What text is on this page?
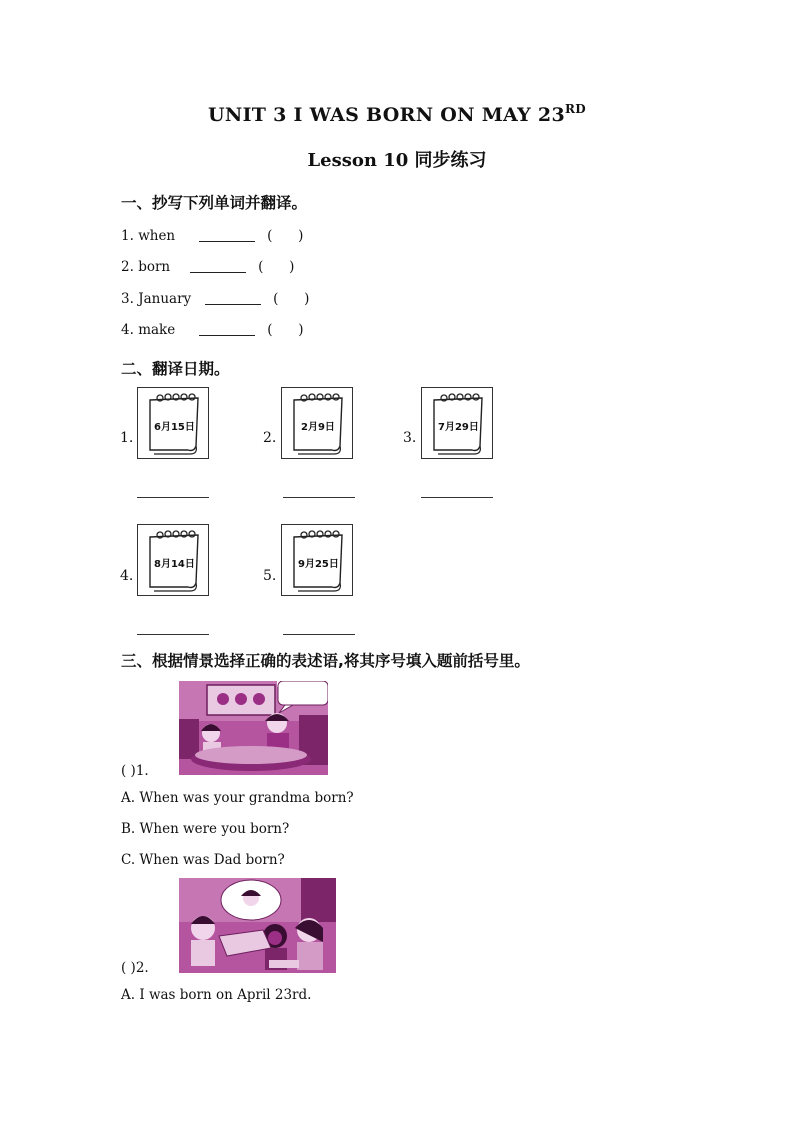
UNIT 3 I WAS BORN ON MAY 23RD
Lesson 10 同步练习
一、抄写下列单词并翻译。
1. when	(      )
2. born	(      )
3. January	(      )
4. make	(      )
二、翻译日期。
1.
6月15日
2.
2月9日
3.
7月29日
4.
8月14日
5.
9月25日
三、根据情景选择正确的表述语,将其序号填入题前括号里。
( )1.
A. When was your grandma born?
B. When were you born?
C. When was Dad born?
( )2.
A. I was born on April 23rd.
